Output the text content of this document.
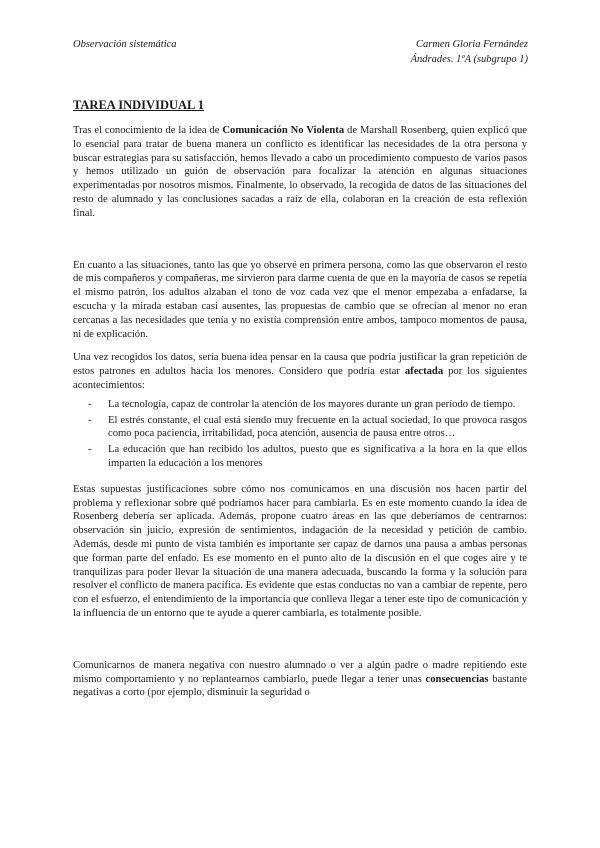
Observación sistemática	Carmen Gloria Fernández
Ándrades. 1ºA (subgrupo 1)
TAREA INDIVIDUAL 1

Tras el conocimiento de la idea de Comunicación No Violenta de Marshall Rosenberg, quien explicó que lo esencial para tratar de buena manera un conflicto es identificar las necesidades de la otra persona y buscar estrategias para su satisfacción, hemos llevado a cabo un procedimiento compuesto de varios pasos y hemos utilizado un guión de observación para focalizar la atención en algunas situaciones experimentadas por nosotros mismos. Finalmente, lo observado, la recogida de datos de las situaciones del resto de alumnado y las conclusiones sacadas a raíz de ella, colaboran en la creación de esta reflexión final.

En cuanto a las situaciones, tanto las que yo observé en primera persona, como las que observaron el resto de mis compañeros y compañeras, me sirvieron para darme cuenta de que en la mayoría de casos se repetía el mismo patrón, los adultos alzaban el tono de voz cada vez que el menor empezaba a enfadarse, la escucha y la mirada estaban casi ausentes, las propuestas de cambio que se ofrecían al menor no eran cercanas a las necesidades que tenía y no existía comprensión entre ambos, tampoco momentos de pausa, ni de explicación.

Una vez recogidos los datos, sería buena idea pensar en la causa que podría justificar la gran repetición de estos patrones en adultos hacia los menores. Considero que podría estar afectada por los siguientes acontecimientos:

- La tecnología, capaz de controlar la atención de los mayores durante un gran período de tiempo.
- El estrés constante, el cual está siendo muy frecuente en la actual sociedad, lo que provoca rasgos como poca paciencia, irritabilidad, poca atención, ausencia de pausa entre otros…
- La educación que han recibido los adultos, puesto que es significativa a la hora en la que ellos imparten la educación a los menores

Estas supuestas justificaciones sobre cómo nos comunicamos en una discusión nos hacen partir del problema y reflexionar sobre qué podríamos hacer para cambiarla. Es en este momento cuando la idea de Rosenberg debería ser aplicada. Además, propone cuatro áreas en las que deberíamos de centrarnos: observación sin juicio, expresión de sentimientos, indagación de la necesidad y petición de cambio. Además, desde mi punto de vista también es importante ser capaz de darnos una pausa a ambas personas que forman parte del enfado. Es ese momento en el punto alto de la discusión en el que coges aire y te tranquilizas para poder llevar la situación de una manera adecuada, buscando la forma y la solución para resolver el conflicto de manera pacífica. Es evidente que estas conductas no van a cambiar de repente, pero con el esfuerzo, el entendimiento de la importancia que conlleva llegar a tener este tipo de comunicación y la influencia de un entorno que te ayude a querer cambiarla, es totalmente posible.

Comunicarnos de manera negativa con nuestro alumnado o ver a algún padre o madre repitiendo este mismo comportamiento y no replantearnos cambiarlo, puede llegar a tener unas consecuencias bastante negativas a corto (por ejemplo, disminuir la seguridad o
